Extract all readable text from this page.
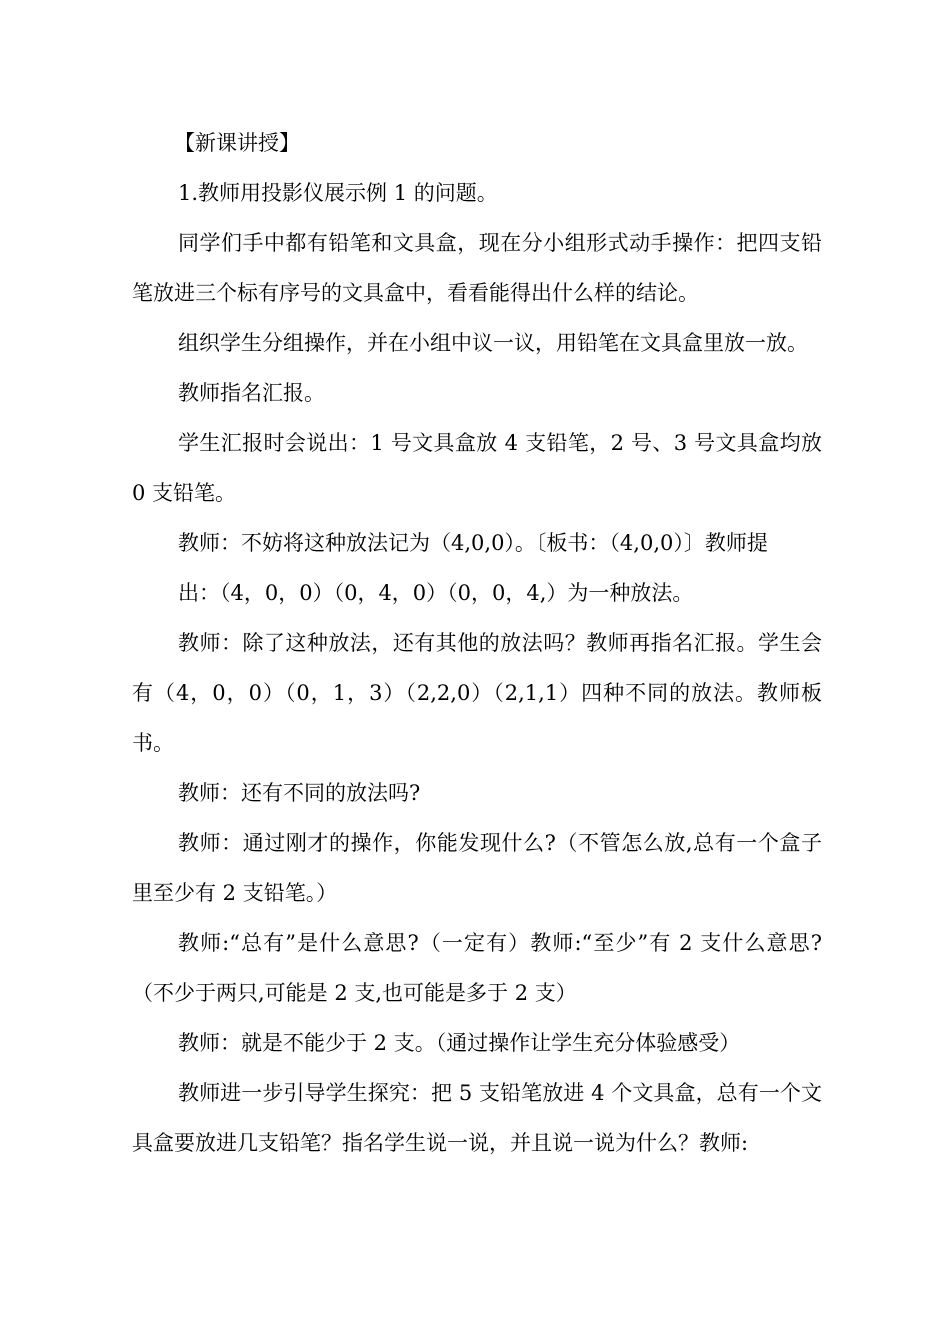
【新课讲授】

1.教师用投影仪展示例 1 的问题。

同学们手中都有铅笔和文具盒，现在分小组形式动手操作：把四支铅笔放进三个标有序号的文具盒中，看看能得出什么样的结论。

组织学生分组操作，并在小组中议一议，用铅笔在文具盒里放一放。

教师指名汇报。

学生汇报时会说出：1 号文具盒放 4 支铅笔，2 号、3 号文具盒均放 0 支铅笔。

教师：不妨将这种放法记为（4,0,0）。〔板书：（4,0,0）〕教师提

出：（4，0，0）（0，4，0）（0，0，4,）为一种放法。

教师：除了这种放法，还有其他的放法吗？教师再指名汇报。学生会有（4，0，0）（0，1，3）（2,2,0）（2,1,1）四种不同的放法。教师板书。

教师：还有不同的放法吗?

教师：通过刚才的操作，你能发现什么?（不管怎么放,总有一个盒子里至少有 2 支铅笔。）

教师:“总有”是什么意思?（一定有）教师:“至少”有 2 支什么意思?（不少于两只,可能是 2 支,也可能是多于 2 支）

教师：就是不能少于 2 支。（通过操作让学生充分体验感受）

教师进一步引导学生探究：把 5 支铅笔放进 4 个文具盒，总有一个文具盒要放进几支铅笔？指名学生说一说，并且说一说为什么？教师:
